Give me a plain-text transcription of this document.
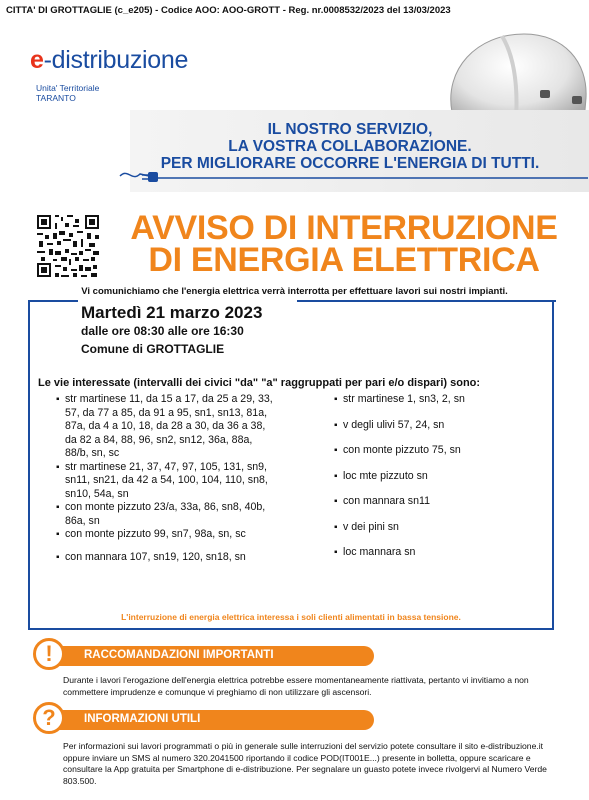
CITTA' DI GROTTAGLIE (c_e205) - Codice AOO: AOO-GROTT - Reg. nr.0008532/2023 del 13/03/2023
e-distribuzione
Unita' Territoriale
TARANTO
IL NOSTRO SERVIZIO,
LA VOSTRA COLLABORAZIONE.
PER MIGLIORARE OCCORRE L'ENERGIA DI TUTTI.
AVVISO DI INTERRUZIONE
DI ENERGIA ELETTRICA
Vi comunichiamo che l'energia elettrica verrà interrotta per effettuare lavori sui nostri impianti.
Martedì 21 marzo 2023
dalle ore 08:30 alle ore 16:30
Comune di GROTTAGLIE
Le vie interessate (intervalli dei civici "da" "a" raggruppati per pari e/o dispari) sono:
▪ str martinese 11, da 15 a 17, da 25 a 29, 33, 57, da 77 a 85, da 91 a 95, sn1, sn13, 81a, 87a, da 4 a 10, 18, da 28 a 30, da 36 a 38, da 82 a 84, 88, 96, sn2, sn12, 36a, 88a, 88/b, sn, sc
▪ str martinese 21, 37, 47, 97, 105, 131, sn9, sn11, sn21, da 42 a 54, 100, 104, 110, sn8, sn10, 54a, sn
▪ con monte pizzuto 23/a, 33a, 86, sn8, 40b, 86a, sn
▪ con monte pizzuto 99, sn7, 98a, sn, sc
▪ con mannara 107, sn19, 120, sn18, sn
▪ str martinese 1, sn3, 2, sn
▪ v degli ulivi 57, 24, sn
▪ con monte pizzuto 75, sn
▪ loc mte pizzuto sn
▪ con mannara sn11
▪ v dei pini sn
▪ loc mannara sn
L'interruzione di energia elettrica interessa i soli clienti alimentati in bassa tensione.
!	RACCOMANDAZIONI IMPORTANTI
Durante i lavori l'erogazione dell'energia elettrica potrebbe essere momentaneamente riattivata, pertanto vi invitiamo a non commettere imprudenze e comunque vi preghiamo di non utilizzare gli ascensori.
?	INFORMAZIONI UTILI
Per informazioni sui lavori programmati o più in generale sulle interruzioni del servizio potete consultare il sito e-distribuzione.it oppure inviare un SMS al numero 320.2041500 riportando il codice POD(IT001E...) presente in bolletta, oppure scaricare e consultare la App gratuita per Smartphone di e-distribuzione. Per segnalare un guasto potete invece rivolgervi al Numero Verde 803.500.
